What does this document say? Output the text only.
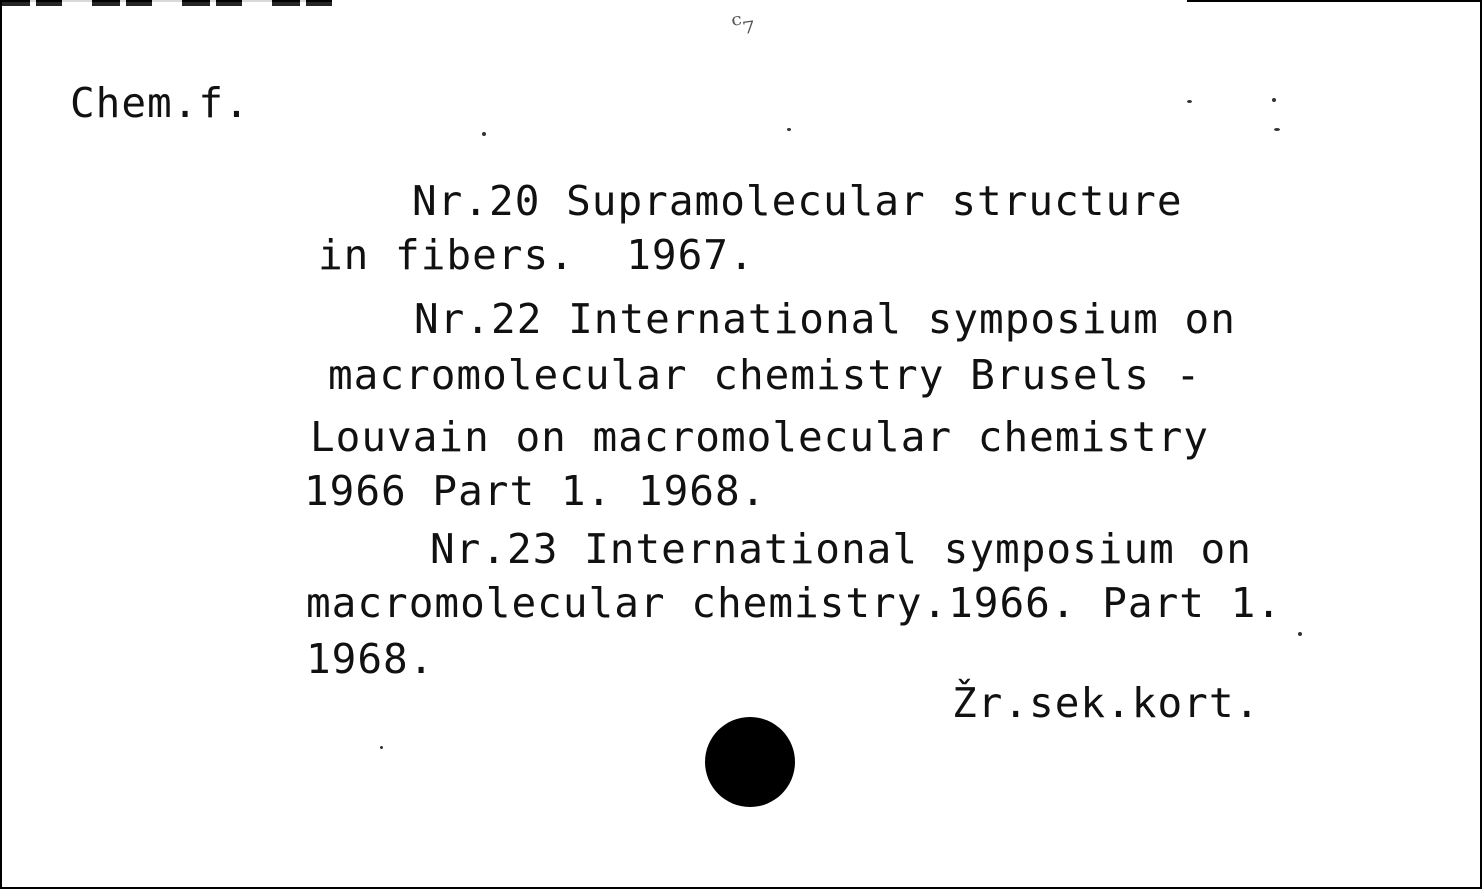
ᶜ₇
Chem.f.
Nr.20 Supramolecular structure
in fibers.  1967.
Nr.22 International symposium on
macromolecular chemistry Brusels -
Louvain on macromolecular chemistry
1966 Part 1. 1968.
Nr.23 International symposium on
macromolecular chemistry.1966. Part 1.
1968.
Žr.sek.kort.
